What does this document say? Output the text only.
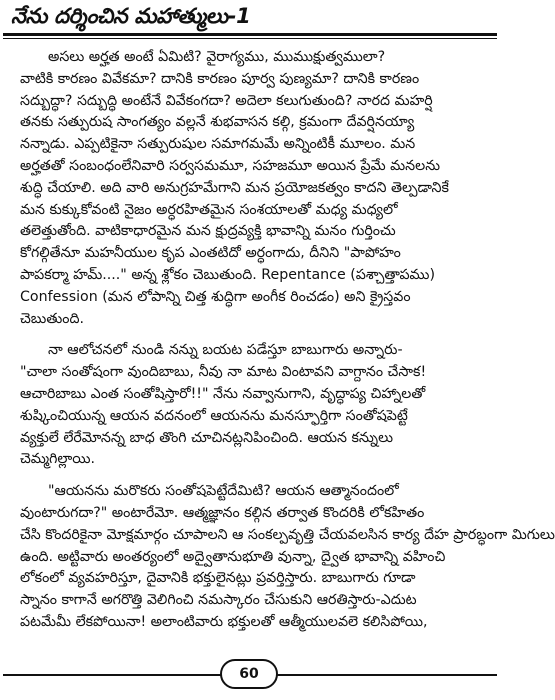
నేను దర్శించిన మహాత్ములు-1
అసలు అర్హత అంటే ఏమిటి? వైరాగ్యము, ముముక్షుత్వములా?
వాటికి కారణం వివేకమా? దానికి కారణం పూర్వ పుణ్యమా? దానికి కారణం
సద్బుద్ధా? సద్బుద్ధి అంటేనే వివేకంగదా? అదెలా కలుగుతుంది? నారద మహర్షి
తనకు సత్పురుష సాంగత్యం వల్లనే శుభవాసన కల్గి, క్రమంగా దేవర్షినయ్యా
నన్నాడు. ఎప్పటికైనా సత్పురుషుల సమాగమమే అన్నింటికీ మూలం. మన
అర్హతతో సంబంధంలేనివారి సర్వసమమూ, సహజమూ అయిన ప్రేమే మనలను
శుద్ధి చేయాలి. అది వారి అనుగ్రహమేగాని మన ప్రయోజకత్వం కాదని తెల్పడానికే
మన కుక్కుకోవంటి నైజం అర్ధరహితమైన సంశయాలతో మధ్య మధ్యలో
తలెత్తుతోంది. వాటికాధారమైన మన క్షుద్రవ్యక్తి భావాన్ని మనం గుర్తించు
కోగల్గితేనూ మహనీయుల కృప ఎంతటిదో అర్ధంగాదు, దీనిని "పాపోహం
పాపకర్మా హమ్...." అన్న శ్లోకం చెబుతుంది. Repentance (పశ్చాత్తాపము)
Confession (మన లోపాన్ని చిత్త శుద్ధిగా అంగీక రించడం) అని క్రైస్తవం
చెబుతుంది.
నా ఆలోచనలో నుండి నన్ను బయట పడేస్తూ బాబుగారు అన్నారు-
"చాలా సంతోషంగా వుందిబాబు, నీవు నా మాట వింటావని వాగ్దానం చేసాక!
ఆచారిబాబు ఎంత సంతోషిస్తారో!!" నేను నవ్వానుగాని, వృద్ధాప్య చిహ్నాలతో
శుష్కించియున్న ఆయన వదనంలో ఆయనను మనస్ఫూర్తిగా సంతోషపెట్టే
వ్యక్తులే లేరేమోనన్న బాధ తొంగి చూచినట్లనిపించింది. ఆయన కన్నులు
చెమ్మగిల్లాయి.
"ఆయనను మరొకరు సంతోషపెట్టేదేమిటి? ఆయన ఆత్మానందంలో
వుంటారుగదా?" అంటారేమో. ఆత్మజ్ఞానం కల్గిన తర్వాత కొందరికి లోకహితం
చేసి కొందరికైనా మోక్షమార్గం చూపాలని ఆ సంకల్పవృత్తి చేయవలసిన కార్య దేహ ప్రారబ్ధంగా మిగులు
ఉంది. అట్టివారు అంతర్యంలో అద్వైతానుభూతి వున్నా, ద్వైత భావాన్ని వహించి
లోకంలో వ్యవహరిస్తూ, దైవానికి భక్తులైనట్లు ప్రవర్తిస్తారు. బాబుగారు గూడా
స్నానం కాగానే అగరొత్తి వెలిగించి నమస్కారం చేసుకుని ఆరతిస్తారు-ఎదుట
పటమేమీ లేకపోయినా! అలాంటివారు భక్తులతో ఆత్మీయులవలె కలిసిపోయి,
60
